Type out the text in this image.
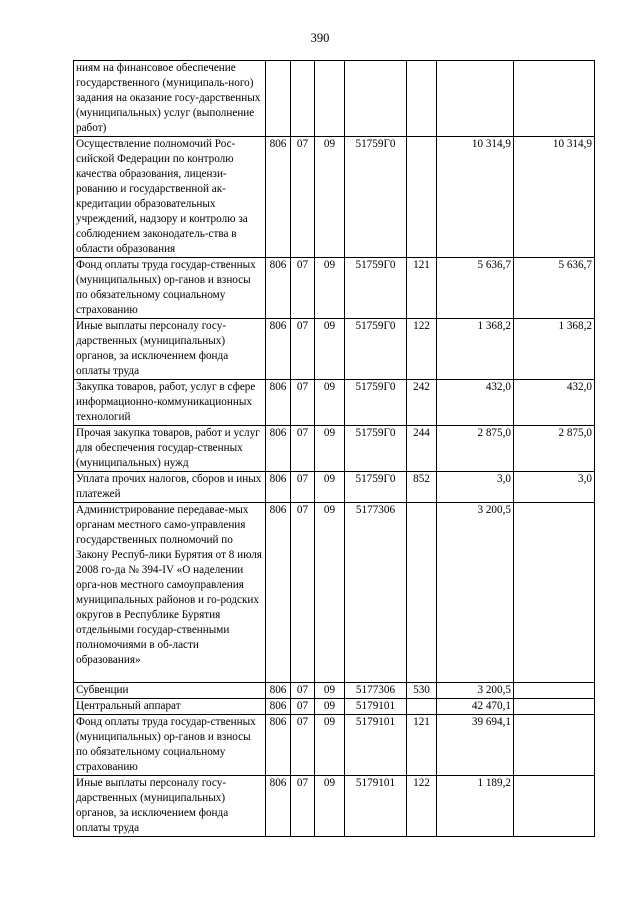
390
ниям на финансовое обеспечение государственного (муниципаль-ного) задания на оказание госу-дарственных (муниципальных) услуг (выполнение работ)							
Осуществление полномочий Рос-сийской Федерации по контролю качества образования, лицензи-рованию и государственной ак-кредитации образовательных учреждений, надзору и контролю за соблюдением законодатель-ства в области образования	806	07	09	51759Г0		10 314,9	10 314,9
Фонд оплаты труда государ-ственных (муниципальных) ор-ганов и взносы по обязательному социальному страхованию	806	07	09	51759Г0	121	5 636,7	5 636,7
Иные выплаты персоналу госу-дарственных (муниципальных) органов, за исключением фонда оплаты труда	806	07	09	51759Г0	122	1 368,2	1 368,2
Закупка товаров, работ, услуг в сфере информационно-коммуникационных технологий	806	07	09	51759Г0	242	432,0	432,0
Прочая закупка товаров, работ и услуг для обеспечения государ-ственных (муниципальных) нужд	806	07	09	51759Г0	244	2 875,0	2 875,0
Уплата прочих налогов, сборов и иных платежей	806	07	09	51759Г0	852	3,0	3,0
Администрирование передавае-мых органам местного само-управления государственных полномочий по Закону Респуб-лики Бурятия от 8 июля 2008 го-да № 394-IV «О наделении орга-нов местного самоуправления муниципальных районов и го-родских округов в Республике Бурятия отдельными государ-ственными полномочиями в об-ласти образования»	806	07	09	5177306		3 200,5	
Субвенции	806	07	09	5177306	530	3 200,5	
Центральный аппарат	806	07	09	5179101		42 470,1	
Фонд оплаты труда государ-ственных (муниципальных) ор-ганов и взносы по обязательному социальному страхованию	806	07	09	5179101	121	39 694,1	
Иные выплаты персоналу госу-дарственных (муниципальных) органов, за исключением фонда оплаты труда	806	07	09	5179101	122	1 189,2	
